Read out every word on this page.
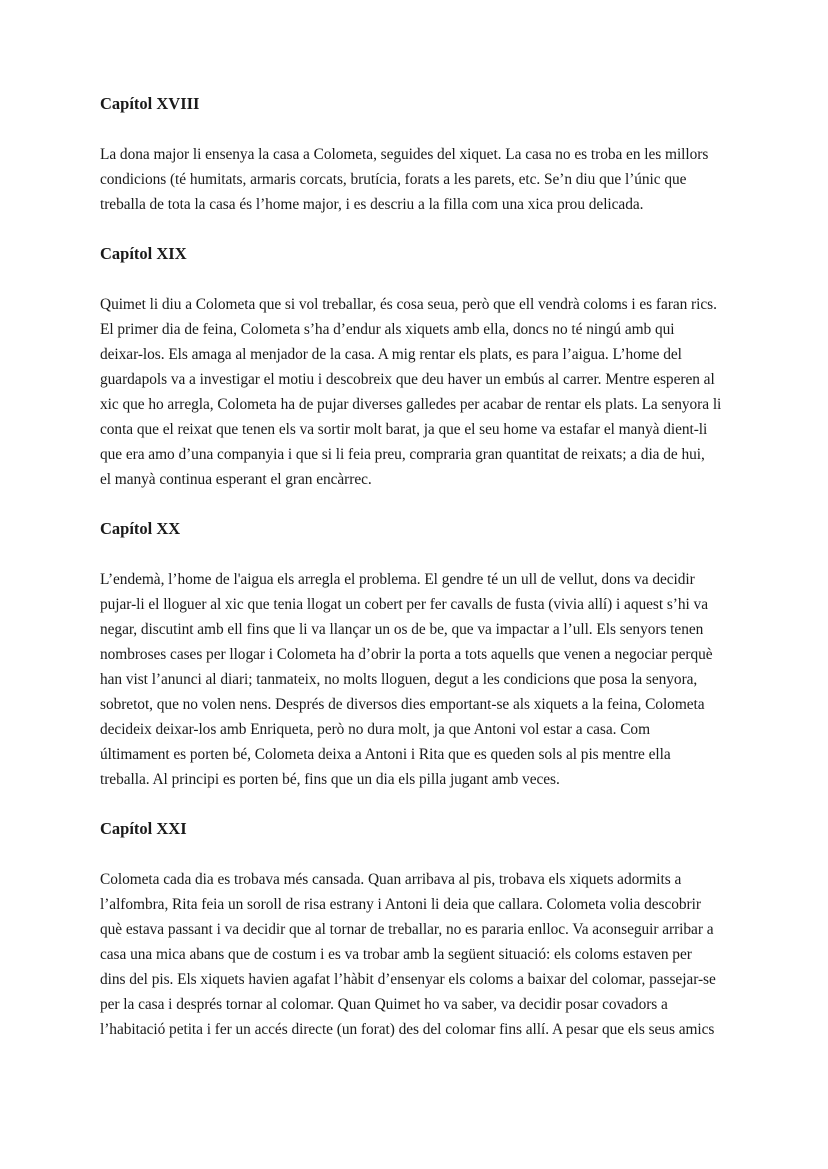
Capítol XVIII

La dona major li ensenya la casa a Colometa, seguides del xiquet. La casa no es troba en les millors
condicions (té humitats, armaris corcats, brutícia, forats a les parets, etc. Se’n diu que l’únic que
treballa de tota la casa és l’home major, i es descriu a la filla com una xica prou delicada.

Capítol XIX

Quimet li diu a Colometa que si vol treballar, és cosa seua, però que ell vendrà coloms i es faran rics.
El primer dia de feina, Colometa s’ha d’endur als xiquets amb ella, doncs no té ningú amb qui
deixar-los. Els amaga al menjador de la casa. A mig rentar els plats, es para l’aigua. L’home del
guardapols va a investigar el motiu i descobreix que deu haver un embús al carrer. Mentre esperen al
xic que ho arregla, Colometa ha de pujar diverses galledes per acabar de rentar els plats. La senyora li
conta que el reixat que tenen els va sortir molt barat, ja que el seu home va estafar el manyà dient-li
que era amo d’una companyia i que si li feia preu, compraria gran quantitat de reixats; a dia de hui,
el manyà continua esperant el gran encàrrec.

Capítol XX

L’endemà, l’home de l'aigua els arregla el problema. El gendre té un ull de vellut, dons va decidir
pujar-li el lloguer al xic que tenia llogat un cobert per fer cavalls de fusta (vivia allí) i aquest s’hi va
negar, discutint amb ell fins que li va llançar un os de be, que va impactar a l’ull. Els senyors tenen
nombroses cases per llogar i Colometa ha d’obrir la porta a tots aquells que venen a negociar perquè
han vist l’anunci al diari; tanmateix, no molts lloguen, degut a les condicions que posa la senyora,
sobretot, que no volen nens. Després de diversos dies emportant-se als xiquets a la feina, Colometa
decideix deixar-los amb Enriqueta, però no dura molt, ja que Antoni vol estar a casa. Com
últimament es porten bé, Colometa deixa a Antoni i Rita que es queden sols al pis mentre ella
treballa. Al principi es porten bé, fins que un dia els pilla jugant amb veces.

Capítol XXI

Colometa cada dia es trobava més cansada. Quan arribava al pis, trobava els xiquets adormits a
l’alfombra, Rita feia un soroll de risa estrany i Antoni li deia que callara. Colometa volia descobrir
què estava passant i va decidir que al tornar de treballar, no es pararia enlloc. Va aconseguir arribar a
casa una mica abans que de costum i es va trobar amb la següent situació: els coloms estaven per
dins del pis. Els xiquets havien agafat l’hàbit d’ensenyar els coloms a baixar del colomar, passejar-se
per la casa i després tornar al colomar. Quan Quimet ho va saber, va decidir posar covadors a
l’habitació petita i fer un accés directe (un forat) des del colomar fins allí. A pesar que els seus amics
